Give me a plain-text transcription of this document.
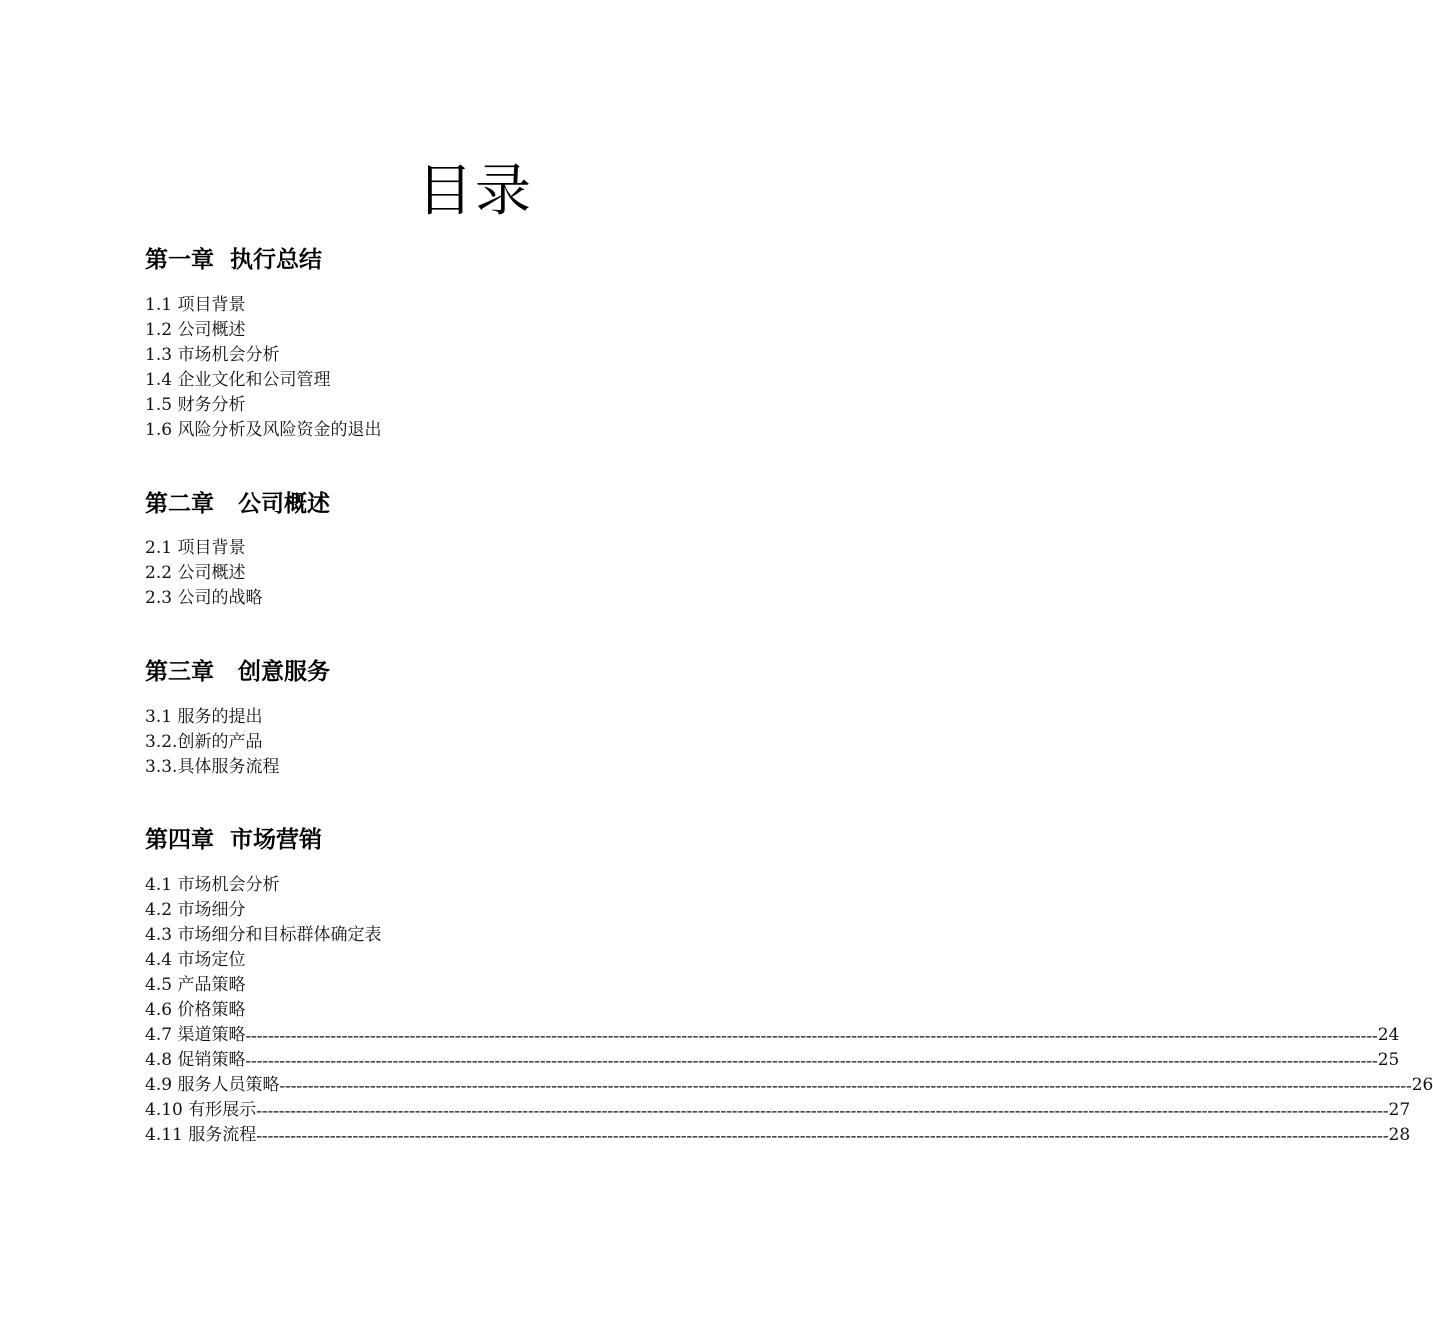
目录
第一章  执行总结
1.1 项目背景
1.2 公司概述
1.3 市场机会分析
1.4 企业文化和公司管理
1.5 财务分析
1.6 风险分析及风险资金的退出
第二章   公司概述
2.1 项目背景
2.2 公司概述
2.3 公司的战略
第三章   创意服务
3.1 服务的提出
3.2.创新的产品
3.3.具体服务流程
第四章  市场营销
4.1 市场机会分析
4.2 市场细分
4.3 市场细分和目标群体确定表
4.4 市场定位
4.5 产品策略
4.6 价格策略
4.7 渠道策略 -------------------------------------------------------------------------------------------------------------------------------------------------------------------------------------------------------- 24
4.8 促销策略 -------------------------------------------------------------------------------------------------------------------------------------------------------------------------------------------------------- 25
4.9 服务人员策略 -------------------------------------------------------------------------------------------------------------------------------------------------------------------------------------------------------- 26
4.10 有形展示 -------------------------------------------------------------------------------------------------------------------------------------------------------------------------------------------------------- 27
4.11 服务流程 -------------------------------------------------------------------------------------------------------------------------------------------------------------------------------------------------------- 28
